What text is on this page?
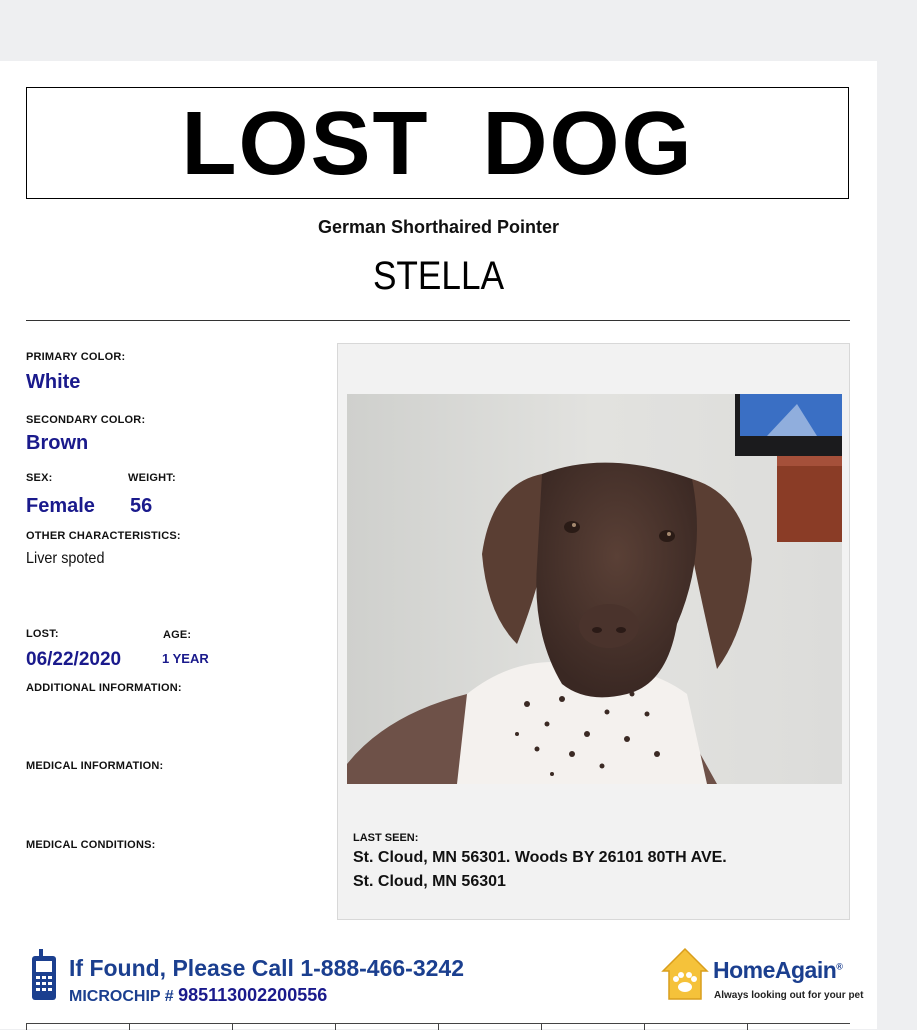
LOST DOG
German Shorthaired Pointer
STELLA
PRIMARY COLOR:
White
SECONDARY COLOR:
Brown
SEX:	WEIGHT:
Female 56
OTHER CHARACTERISTICS:
Liver spoted
LOST:	AGE:
06/22/2020	1 YEAR
ADDITIONAL INFORMATION:
MEDICAL INFORMATION:
MEDICAL CONDITIONS:
LAST SEEN:
St. Cloud, MN 56301. Woods BY 26101 80TH AVE.
St. Cloud, MN 56301
If Found, Please Call 1-888-466-3242
MICROCHIP # 985113002200556
HomeAgain®
Always looking out for your pet
